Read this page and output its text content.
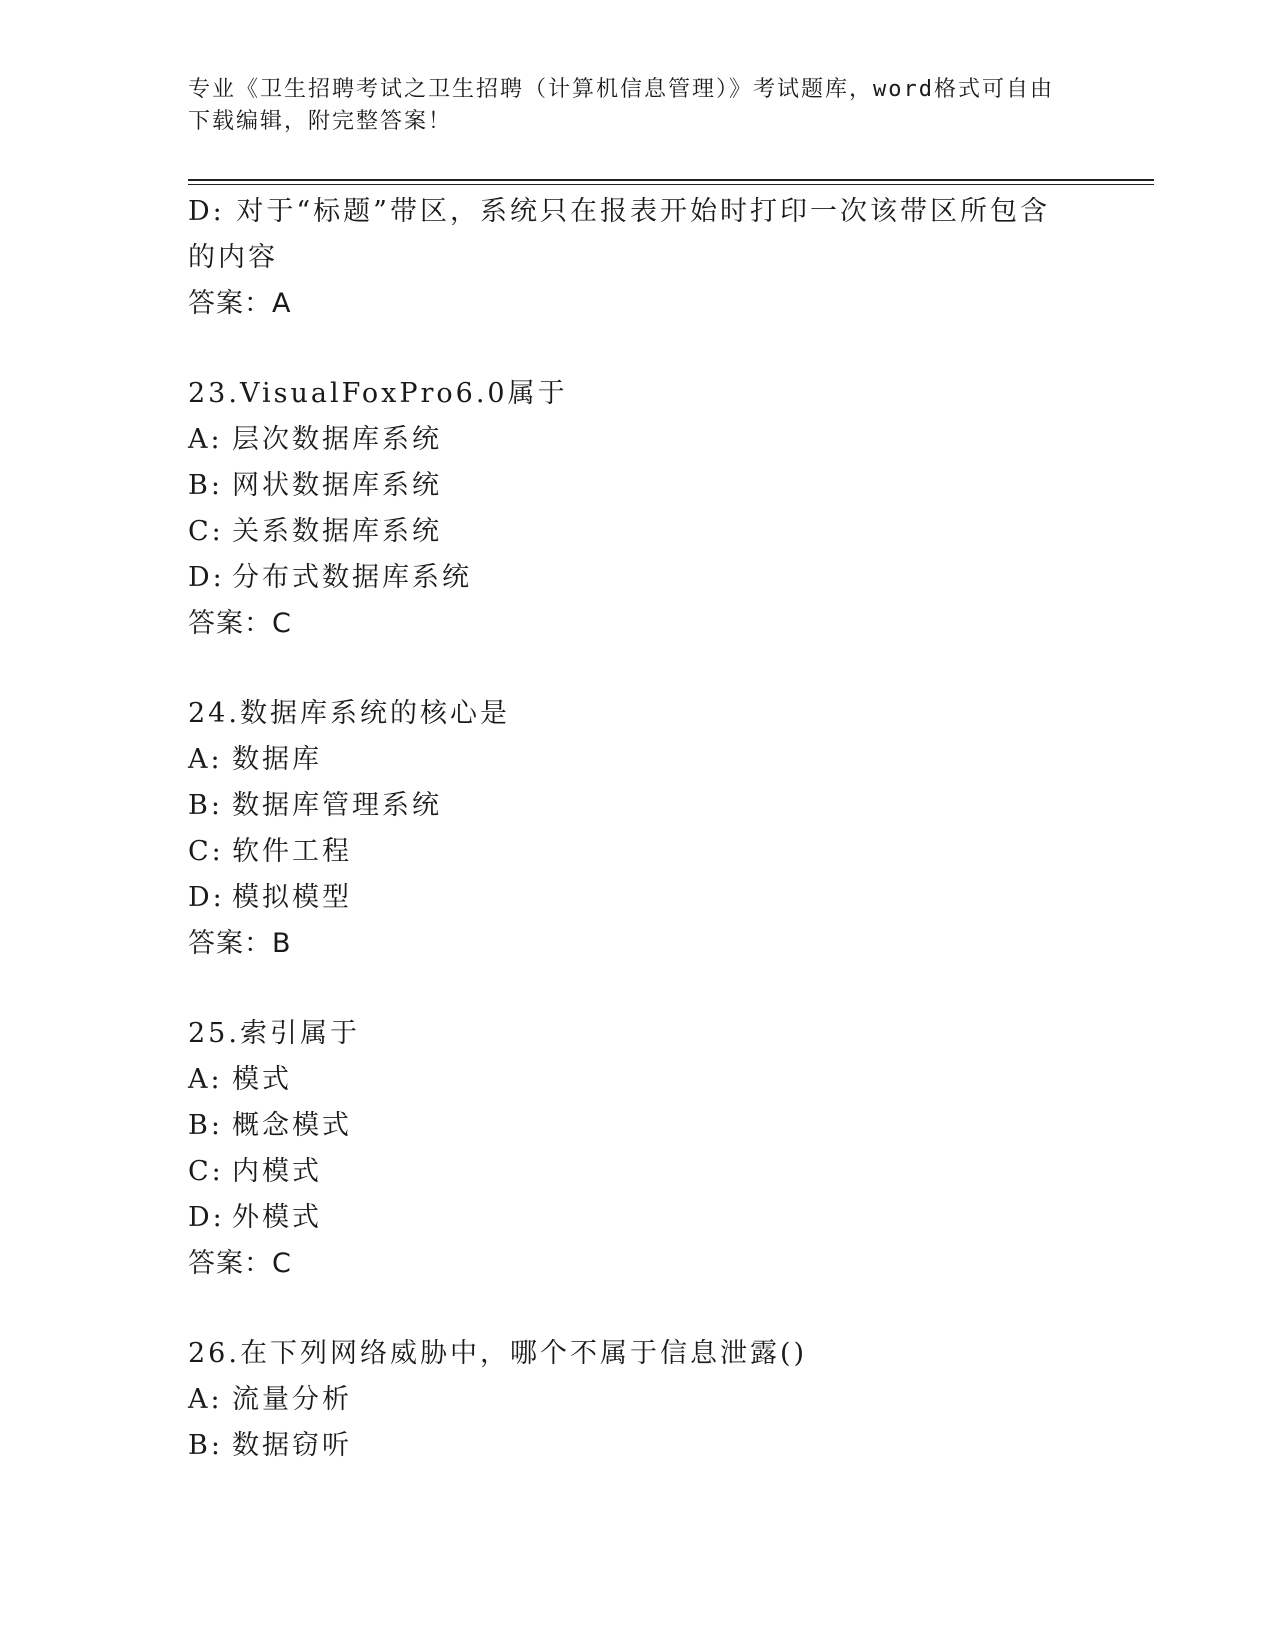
专业《卫生招聘考试之卫生招聘（计算机信息管理）》考试题库，word格式可自由下载编辑，附完整答案！
D: 对于“标题”带区，系统只在报表开始时打印一次该带区所包含的内容
答案：A
23.VisualFoxPro6.0属于
A: 层次数据库系统
B: 网状数据库系统
C: 关系数据库系统
D: 分布式数据库系统
答案：C
24.数据库系统的核心是
A: 数据库
B: 数据库管理系统
C: 软件工程
D: 模拟模型
答案：B
25.索引属于
A: 模式
B: 概念模式
C: 内模式
D: 外模式
答案：C
26.在下列网络威胁中，哪个不属于信息泄露()
A: 流量分析
B: 数据窃听
